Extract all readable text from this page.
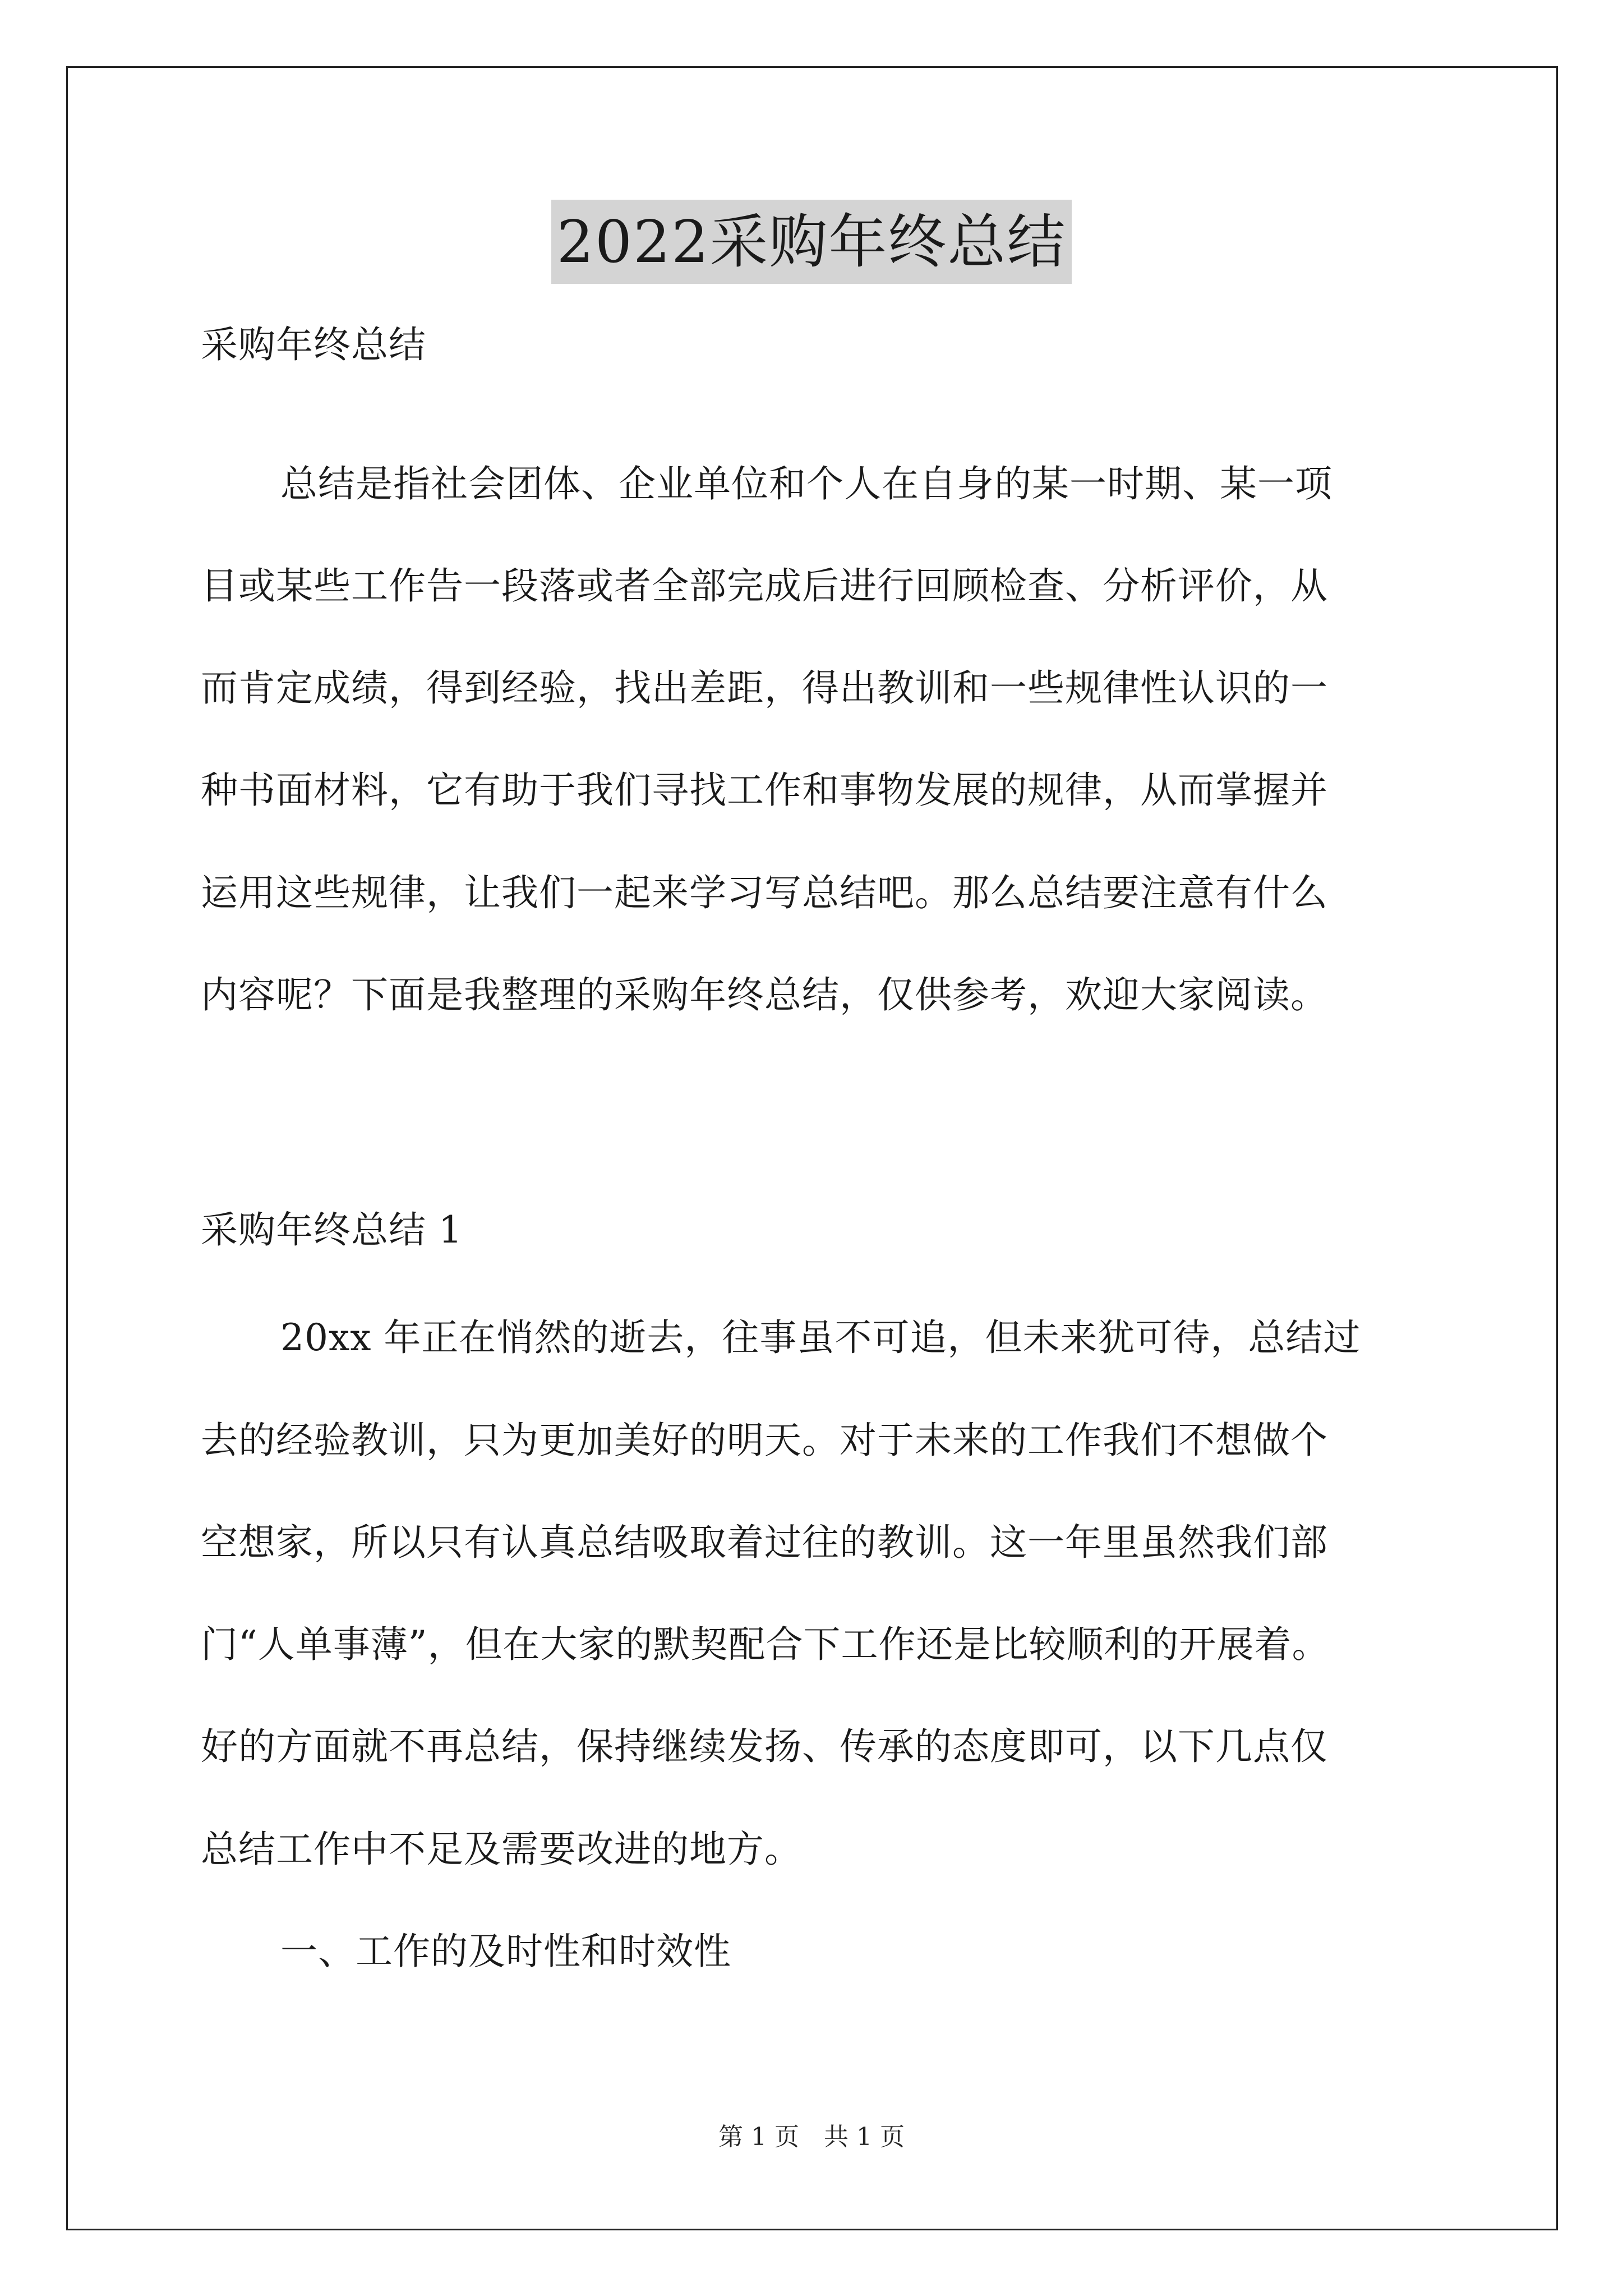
2022采购年终总结
采购年终总结
总结是指社会团体、企业单位和个人在自身的某一时期、某一项
目或某些工作告一段落或者全部完成后进行回顾检查、分析评价，从
而肯定成绩，得到经验，找出差距，得出教训和一些规律性认识的一
种书面材料，它有助于我们寻找工作和事物发展的规律，从而掌握并
运用这些规律，让我们一起来学习写总结吧。那么总结要注意有什么
内容呢？下面是我整理的采购年终总结，仅供参考，欢迎大家阅读。
采购年终总结 1
20xx 年正在悄然的逝去，往事虽不可追，但未来犹可待，总结过
去的经验教训，只为更加美好的明天。对于未来的工作我们不想做个
空想家，所以只有认真总结吸取着过往的教训。这一年里虽然我们部
门“人单事薄”，但在大家的默契配合下工作还是比较顺利的开展着。
好的方面就不再总结，保持继续发扬、传承的态度即可，以下几点仅
总结工作中不足及需要改进的地方。
一、工作的及时性和时效性
第 1 页　共 1 页
